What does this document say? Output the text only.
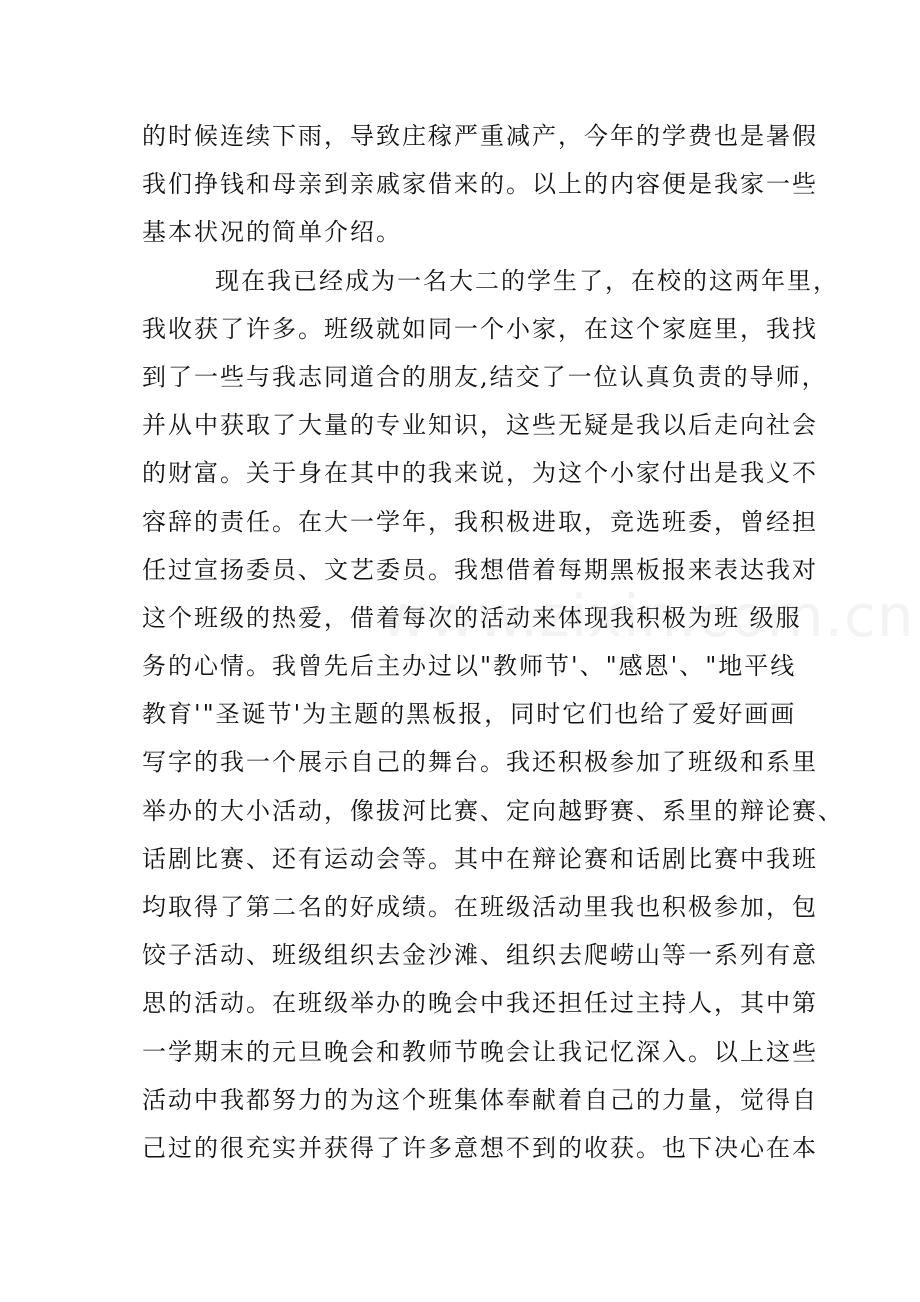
的时候连续下雨，导致庄稼严重减产，今年的学费也是暑假
我们挣钱和母亲到亲戚家借来的。以上的内容便是我家一些
基本状况的简单介绍。
现在我已经成为一名大二的学生了，在校的这两年里，
我收获了许多。班级就如同一个小家，在这个家庭里，我找
到了一些与我志同道合的朋友,结交了一位认真负责的导师，
并从中获取了大量的专业知识，这些无疑是我以后走向社会
的财富。关于身在其中的我来说，为这个小家付出是我义不
容辞的责任。在大一学年，我积极进取，竞选班委，曾经担
任过宣扬委员、文艺委员。我想借着每期黑板报来表达我对
这个班级的热爱，借着每次的活动来体现我积极为班 级服
务的心情。我曾先后主办过以"教师节'、"感恩'、"地平线
教育'"圣诞节'为主题的黑板报，同时它们也给了爱好画画
写字的我一个展示自己的舞台。我还积极参加了班级和系里
举办的大小活动，像拔河比赛、定向越野赛、系里的辩论赛、
话剧比赛、还有运动会等。其中在辩论赛和话剧比赛中我班
均取得了第二名的好成绩。在班级活动里我也积极参加，包
饺子活动、班级组织去金沙滩、组织去爬崂山等一系列有意
思的活动。在班级举办的晚会中我还担任过主持人，其中第
一学期末的元旦晚会和教师节晚会让我记忆深入。以上这些
活动中我都努力的为这个班集体奉献着自己的力量，觉得自
己过的很充实并获得了许多意想不到的收获。也下决心在本
